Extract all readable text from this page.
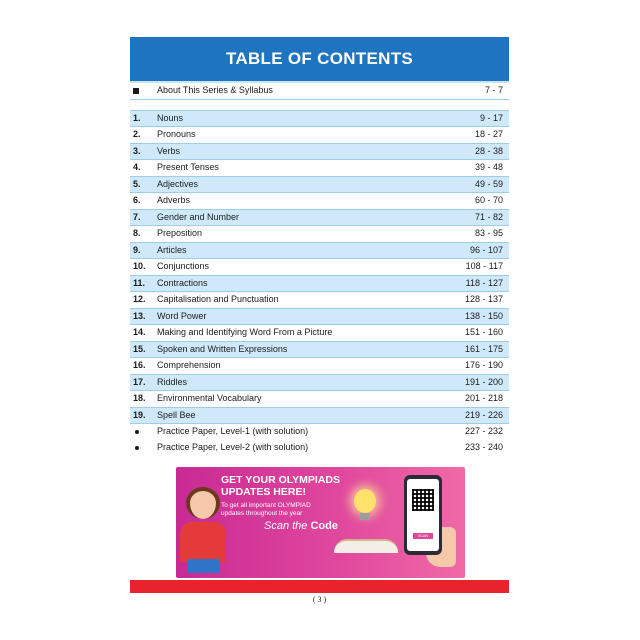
TABLE OF CONTENTS
About This Series & Syllabus	7 - 7
1. Nouns	9 - 17
2. Pronouns	18 - 27
3. Verbs	28 - 38
4. Present Tenses	39 - 48
5. Adjectives	49 - 59
6. Adverbs	60 - 70
7. Gender and Number	71 - 82
8. Preposition	83 - 95
9. Articles	96 - 107
10. Conjunctions	108 - 117
11. Contractions	118 - 127
12. Capitalisation and Punctuation	128 - 137
13. Word Power	138 - 150
14. Making and Identifying Word From a Picture	151 - 160
15. Spoken and Written Expressions	161 - 175
16. Comprehension	176 - 190
17. Riddles	191 - 200
18. Environmental Vocabulary	201 - 218
19. Spell Bee	219 - 226
Practice Paper, Level-1 (with solution)	227 - 232
Practice Paper, Level-2 (with solution)	233 - 240
GET YOUR OLYMPIADS
UPDATES HERE!
To get all important OLYMPIAD updates throughout the year
Scan the Code
SCAN
( 3 )
